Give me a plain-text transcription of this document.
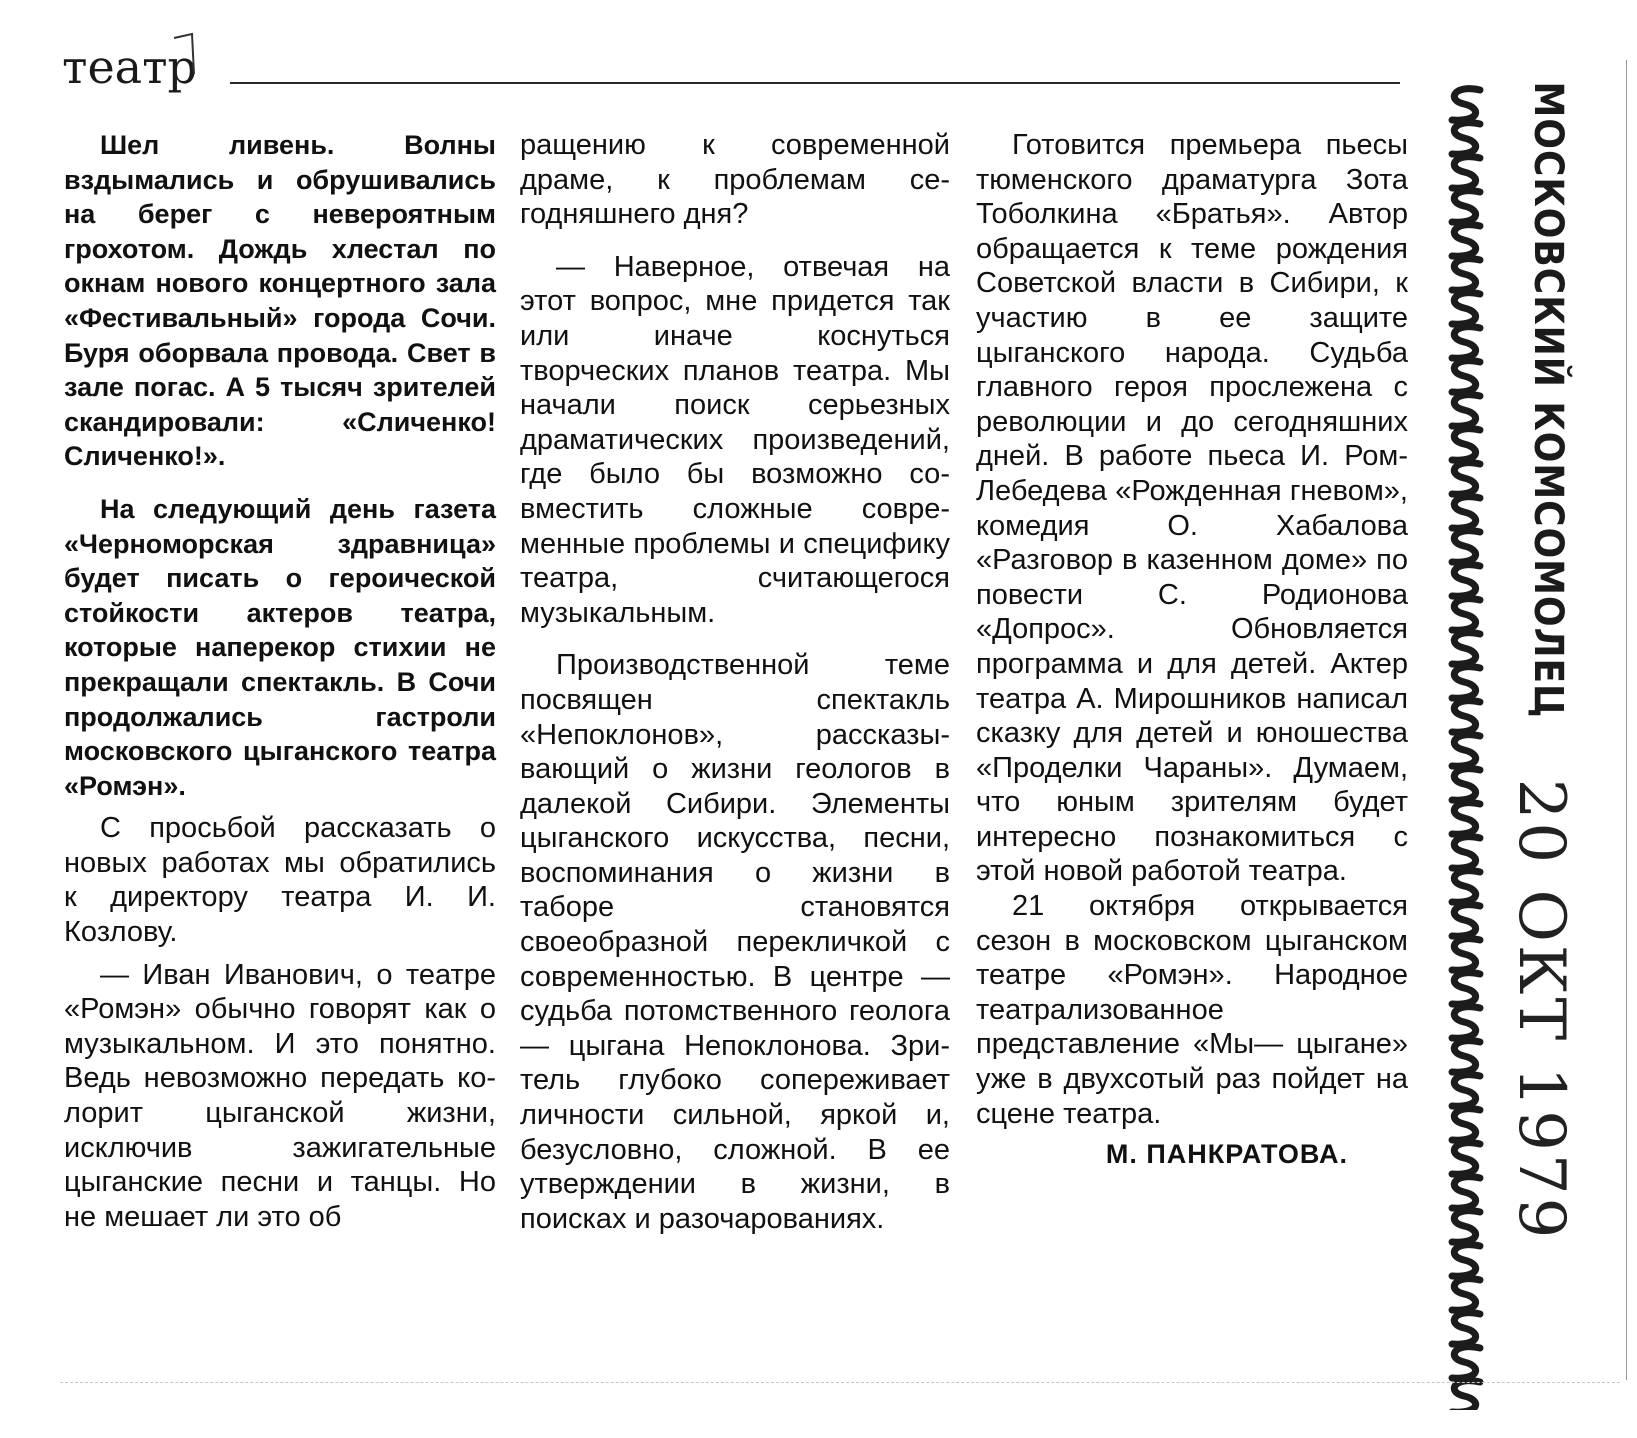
театр

Шел ливень. Волны вздымались и обрушивались на берег с невероятным грохотом. Дождь хлестал по окнам нового концертного зала «Фестивальный» города Сочи. Буря оборвала провода. Свет в зале погас. А 5 тысяч зрителей скандировали: «Сличенко! Сличенко!».

На следующий день газета «Черноморская здравница» будет писать о героической стойкости актеров театра, которые наперекор стихии не прекращали спектакль. В Сочи продолжались гастроли московского цыганского театра «Ромэн».

С просьбой рассказать о новых работах мы обратились к директору театра И. И. Козлову.

— Иван Иванович, о театре «Ромэн» обычно говорят как о музыкальном. И это понятно. Ведь невозможно передать колорит цыганской жизни, исключив зажигательные цыганские песни и танцы. Но не мешает ли это об

ращению к современной драме, к проблемам сегодняшнего дня?

— Наверное, отвечая на этот вопрос, мне придется так или иначе коснуться творческих планов театра. Мы начали поиск серьезных драматических произведений, где было бы возможно совместить сложные современные проблемы и специфику театра, считающегося музыкальным.

Производственной теме посвящен спектакль «Непоклонов», рассказывающий о жизни геологов в далекой Сибири. Элементы цыганского искусства, песни, воспоминания о жизни в таборе становятся своеобразной перекличкой с современностью. В центре — судьба потомственного геолога — цыгана Непоклонова. Зритель глубоко сопереживает личности сильной, яркой и, безусловно, сложной. В ее утверждении в жизни, в поисках и разочарованиях.

Готовится премьера пьесы тюменского драматурга Зота Тоболкина «Братья». Автор обращается к теме рождения Советской власти в Сибири, к участию в ее защите цыганского народа. Судьба главного героя прослежена с революции и до сегодняшних дней. В работе пьеса И. Ром-Лебедева «Рожденная гневом», комедия О. Хабалова «Разговор в казенном доме» по повести С. Родионова «Допрос». Обновляется программа и для детей. Актер театра А. Мирошников написал сказку для детей и юношества «Проделки Чараны». Думаем, что юным зрителям будет интересно познакомиться с этой новой работой театра.

21 октября открывается сезон в московском цыганском театре «Ромэн». Народное театрализованное представление «Мы— цыгане» уже в двухсотый раз пойдет на сцене театра.

М. ПАНКРАТОВА.
МОСКОВСКИЙ КОМСОМОЛЕЦ
20 ОКТ 1979
